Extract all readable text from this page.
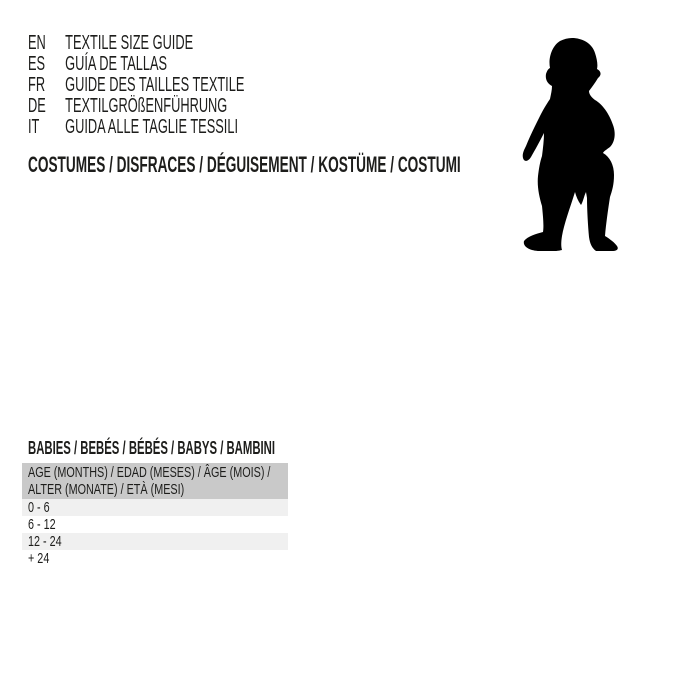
EN TEXTILE SIZE GUIDE
ES	GUÍA DE TALLAS
FR	GUIDE DES TAILLES TEXTILE
DE TEXTILGRÖßENFÜHRUNG
IT	GUIDA ALLE TAGLIE TESSILI
COSTUMES / DISFRACES / DÉGUISEMENT / KOSTÜME / COSTUMI
BABIES / BEBÉS / BÉBÉS / BABYS / BAMBINI
AGE (MONTHS) / EDAD (MESES) / ÂGE (MOIS) /
ALTER (MONATE) / ETÀ (MESI)
0 - 6
6 - 12
12 - 24
+ 24
